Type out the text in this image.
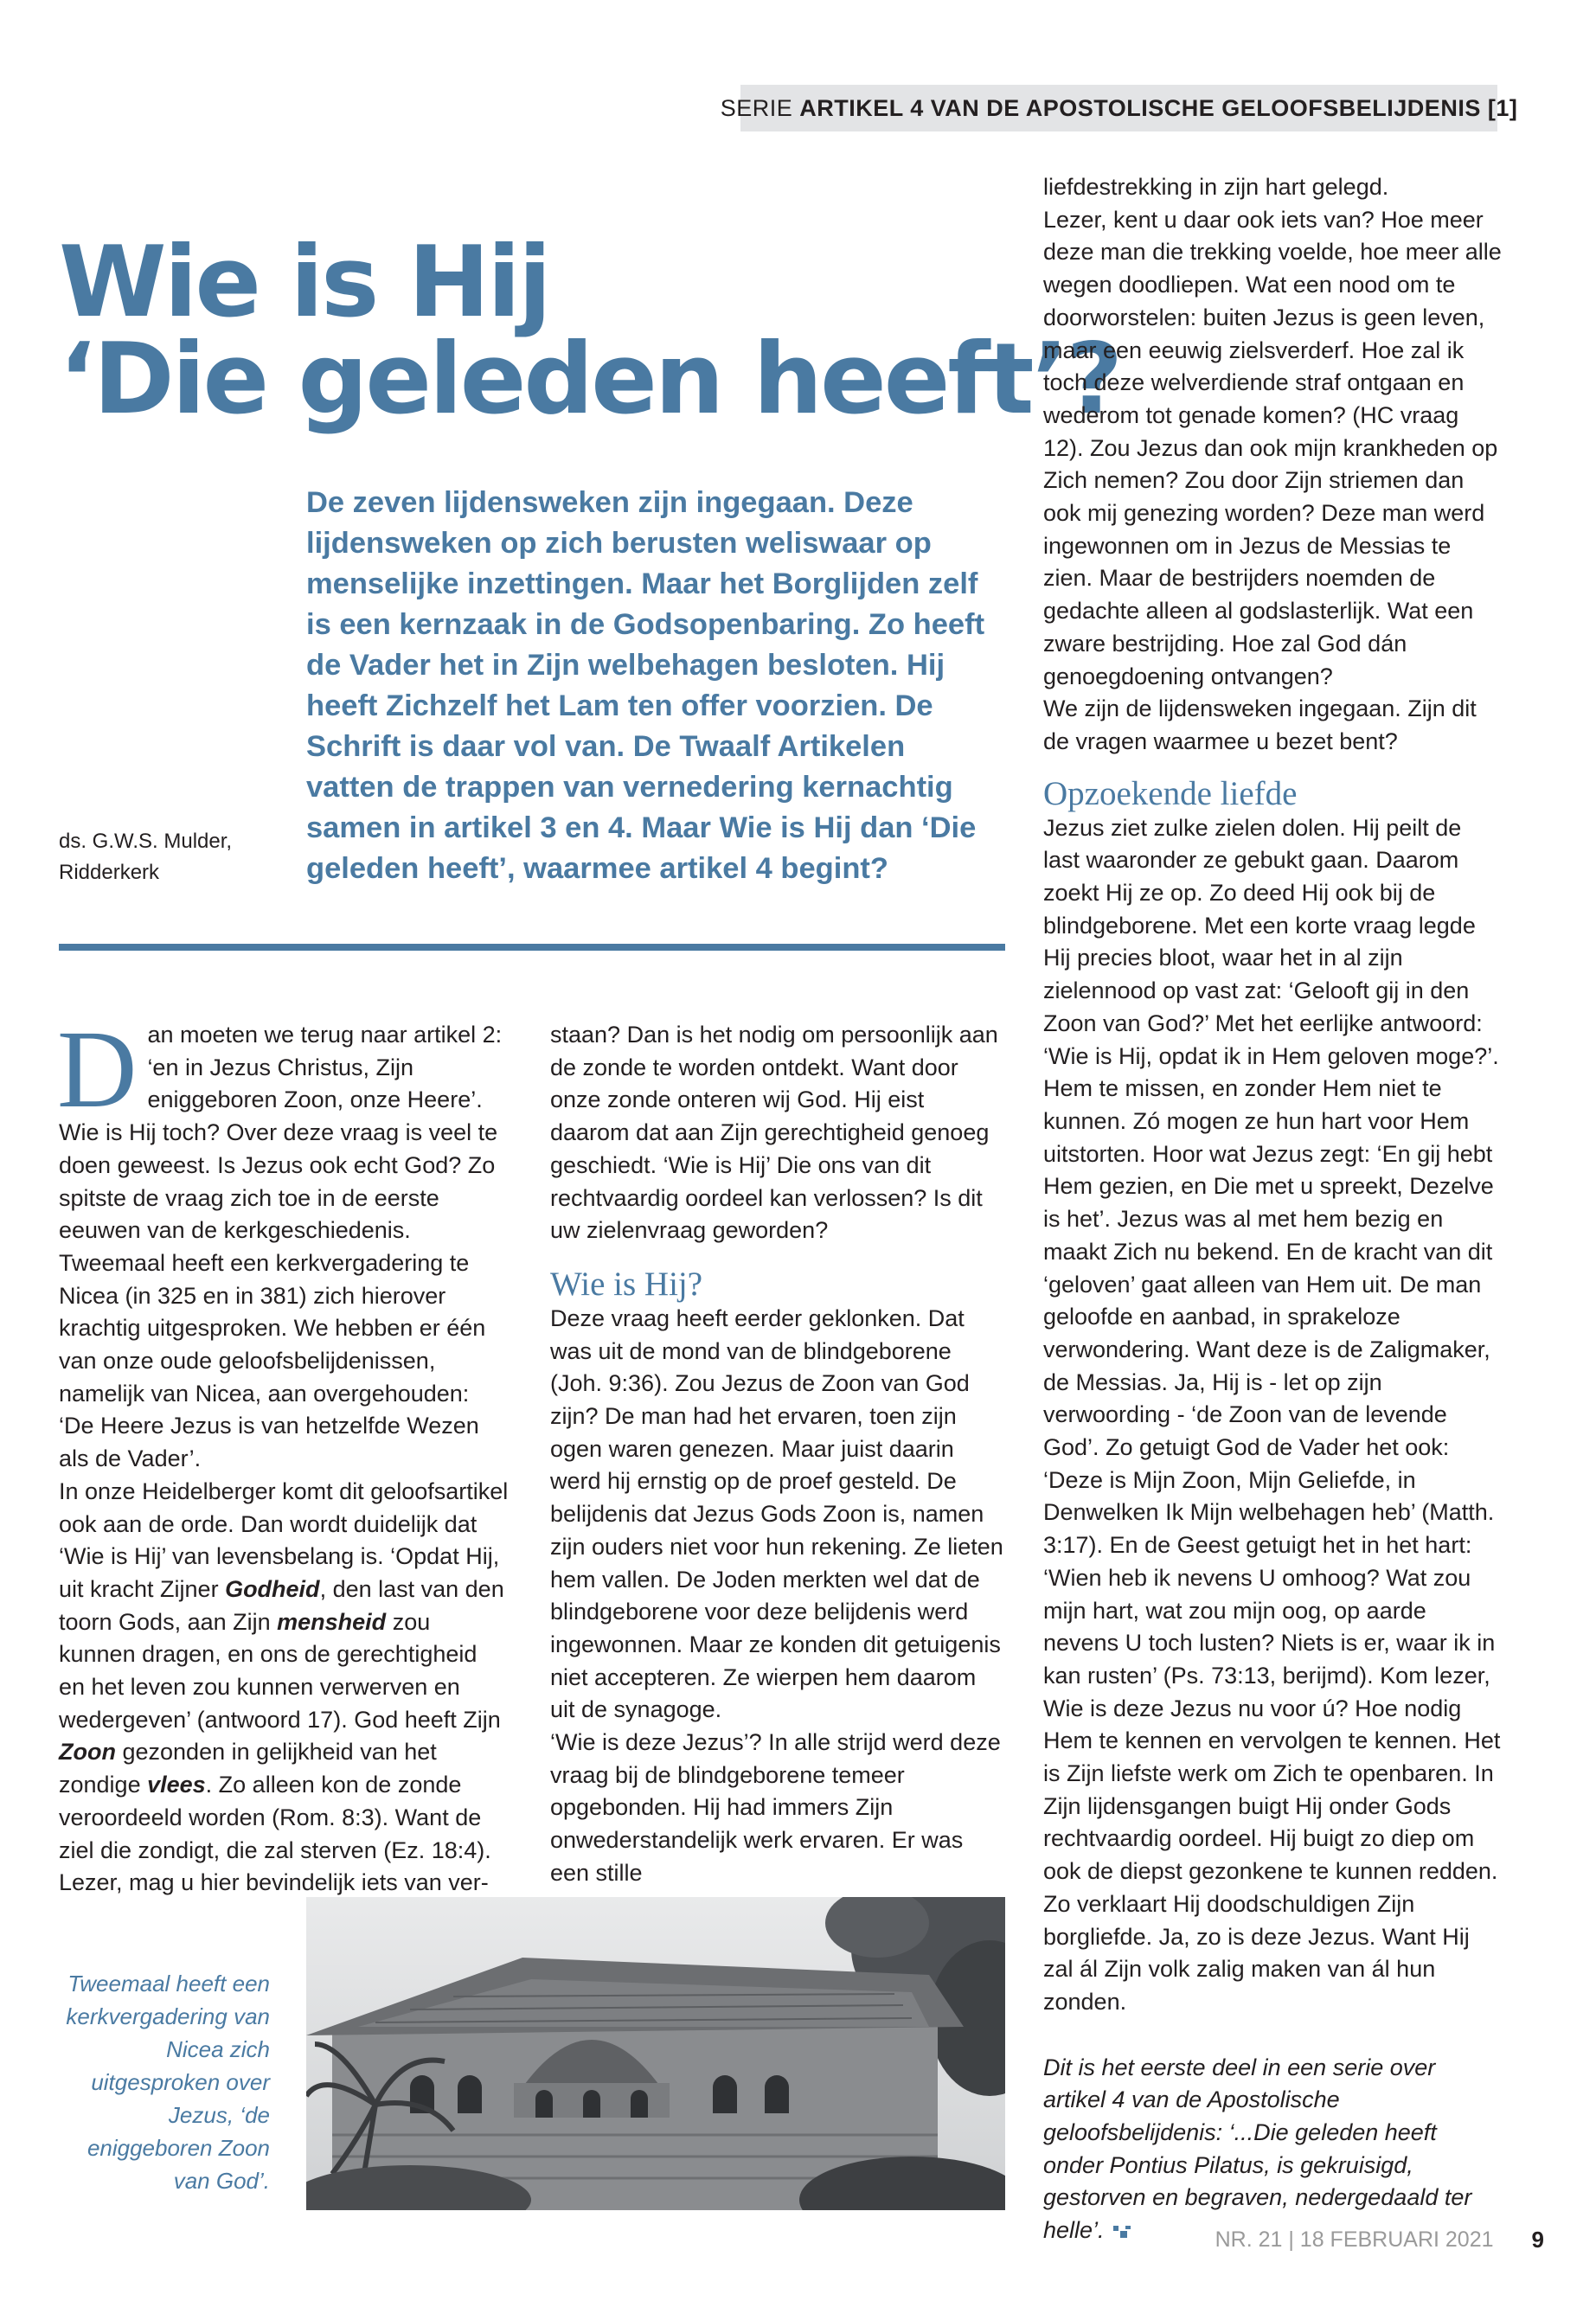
SERIE ARTIKEL 4 VAN DE APOSTOLISCHE GELOOFSBELIJDENIS [1]
Wie is Hij
‘Die geleden heeft’?

De zeven lijdensweken zijn ingegaan. Deze lijdensweken op zich berusten weliswaar op menselijke inzettingen. Maar het Borglijden zelf is een kernzaak in de Godsopenbaring. Zo heeft de Vader het in Zijn welbehagen besloten. Hij heeft Zichzelf het Lam ten offer voorzien. De Schrift is daar vol van. De Twaalf Artikelen vatten de trappen van vernedering kernachtig samen in artikel 3 en 4. Maar Wie is Hij dan ‘Die geleden heeft’, waarmee artikel 4 begint?

ds. G.W.S. Mulder,
Ridderkerk

Dan moeten we terug naar artikel 2: ‘en in Jezus Christus, Zijn eniggeboren Zoon, onze Heere’. Wie is Hij toch? Over deze vraag is veel te doen geweest. Is Jezus ook echt God? Zo spitste de vraag zich toe in de eerste eeuwen van de kerkgeschiedenis. Tweemaal heeft een kerkvergadering te Nicea (in 325 en in 381) zich hierover krachtig uitgesproken. We hebben er één van onze oude geloofsbelijdenissen, namelijk van Nicea, aan overgehouden: ‘De Heere Jezus is van hetzelfde Wezen als de Vader’.

In onze Heidelberger komt dit geloofsartikel ook aan de orde. Dan wordt duidelijk dat ‘Wie is Hij’ van levensbelang is. ‘Opdat Hij, uit kracht Zijner Godheid, den last van den toorn Gods, aan Zijn mensheid zou kunnen dragen, en ons de gerechtigheid en het leven zou kunnen verwerven en wedergeven’ (antwoord 17). God heeft Zijn Zoon gezonden in gelijkheid van het zondige vlees. Zo alleen kon de zonde veroordeeld worden (Rom. 8:3). Want de ziel die zondigt, die zal sterven (Ez. 18:4).

Lezer, mag u hier bevindelijk iets van ver-

staan? Dan is het nodig om persoonlijk aan de zonde te worden ontdekt. Want door onze zonde onteren wij God. Hij eist daarom dat aan Zijn gerechtigheid genoeg geschiedt. ‘Wie is Hij’ Die ons van dit rechtvaardig oordeel kan verlossen? Is dit uw zielenvraag geworden?

Wie is Hij?

Deze vraag heeft eerder geklonken. Dat was uit de mond van de blindgeborene (Joh. 9:36). Zou Jezus de Zoon van God zijn? De man had het ervaren, toen zijn ogen waren genezen. Maar juist daarin werd hij ernstig op de proef gesteld. De belijdenis dat Jezus Gods Zoon is, namen zijn ouders niet voor hun rekening. Ze lieten hem vallen. De Joden merkten wel dat de blindgeborene voor deze belijdenis werd ingewonnen. Maar ze konden dit getuigenis niet accepteren. Ze wierpen hem daarom uit de synagoge.

‘Wie is deze Jezus’? In alle strijd werd deze vraag bij de blindgeborene temeer opgebonden. Hij had immers Zijn onwederstandelijk werk ervaren. Er was een stille

liefdestrekking in zijn hart gelegd.

Lezer, kent u daar ook iets van? Hoe meer deze man die trekking voelde, hoe meer alle wegen doodliepen. Wat een nood om te doorworstelen: buiten Jezus is geen leven, maar een eeuwig zielsverderf. Hoe zal ik toch deze welverdiende straf ontgaan en wederom tot genade komen? (HC vraag 12). Zou Jezus dan ook mijn krankheden op Zich nemen? Zou door Zijn striemen dan ook mij genezing worden? Deze man werd ingewonnen om in Jezus de Messias te zien. Maar de bestrijders noemden de gedachte alleen al godslasterlijk. Wat een zware bestrijding. Hoe zal God dán genoegdoening ontvangen?

We zijn de lijdensweken ingegaan. Zijn dit de vragen waarmee u bezet bent?

Opzoekende liefde

Jezus ziet zulke zielen dolen. Hij peilt de last waaronder ze gebukt gaan. Daarom zoekt Hij ze op. Zo deed Hij ook bij de blindgeborene. Met een korte vraag legde Hij precies bloot, waar het in al zijn zielennood op vast zat: ‘Gelooft gij in den Zoon van God?’ Met het eerlijke antwoord: ‘Wie is Hij, opdat ik in Hem geloven moge?’. Hem te missen, en zonder Hem niet te kunnen. Zó mogen ze hun hart voor Hem uitstorten. Hoor wat Jezus zegt: ‘En gij hebt Hem gezien, en Die met u spreekt, Dezelve is het’. Jezus was al met hem bezig en maakt Zich nu bekend. En de kracht van dit ‘geloven’ gaat alleen van Hem uit. De man geloofde en aanbad, in sprakeloze verwondering. Want deze is de Zaligmaker, de Messias. Ja, Hij is - let op zijn verwoording - ‘de Zoon van de levende God’. Zo getuigt God de Vader het ook: ‘Deze is Mijn Zoon, Mijn Geliefde, in Denwelken Ik Mijn welbehagen heb’ (Matth. 3:17). En de Geest getuigt het in het hart: ‘Wien heb ik nevens U omhoog? Wat zou mijn hart, wat zou mijn oog, op aarde nevens U toch lusten? Niets is er, waar ik in kan rusten’ (Ps. 73:13, berijmd). Kom lezer, Wie is deze Jezus nu voor ú? Hoe nodig Hem te kennen en vervolgen te kennen. Het is Zijn liefste werk om Zich te openbaren. In Zijn lijdensgangen buigt Hij onder Gods rechtvaardig oordeel. Hij buigt zo diep om ook de diepst gezonkene te kunnen redden. Zo verklaart Hij doodschuldigen Zijn borgliefde. Ja, zo is deze Jezus. Want Hij zal ál Zijn volk zalig maken van ál hun zonden.

Dit is het eerste deel in een serie over artikel 4 van de Apostolische geloofsbelijdenis: ‘...Die geleden heeft onder Pontius Pilatus, is gekruisigd, gestorven en begraven, nedergedaald ter helle’.

Tweemaal heeft een kerkvergadering van Nicea zich uitgesproken over Jezus, ‘de eniggeboren Zoon van God’.
NR. 21 | 18 FEBRUARI 2021 9
